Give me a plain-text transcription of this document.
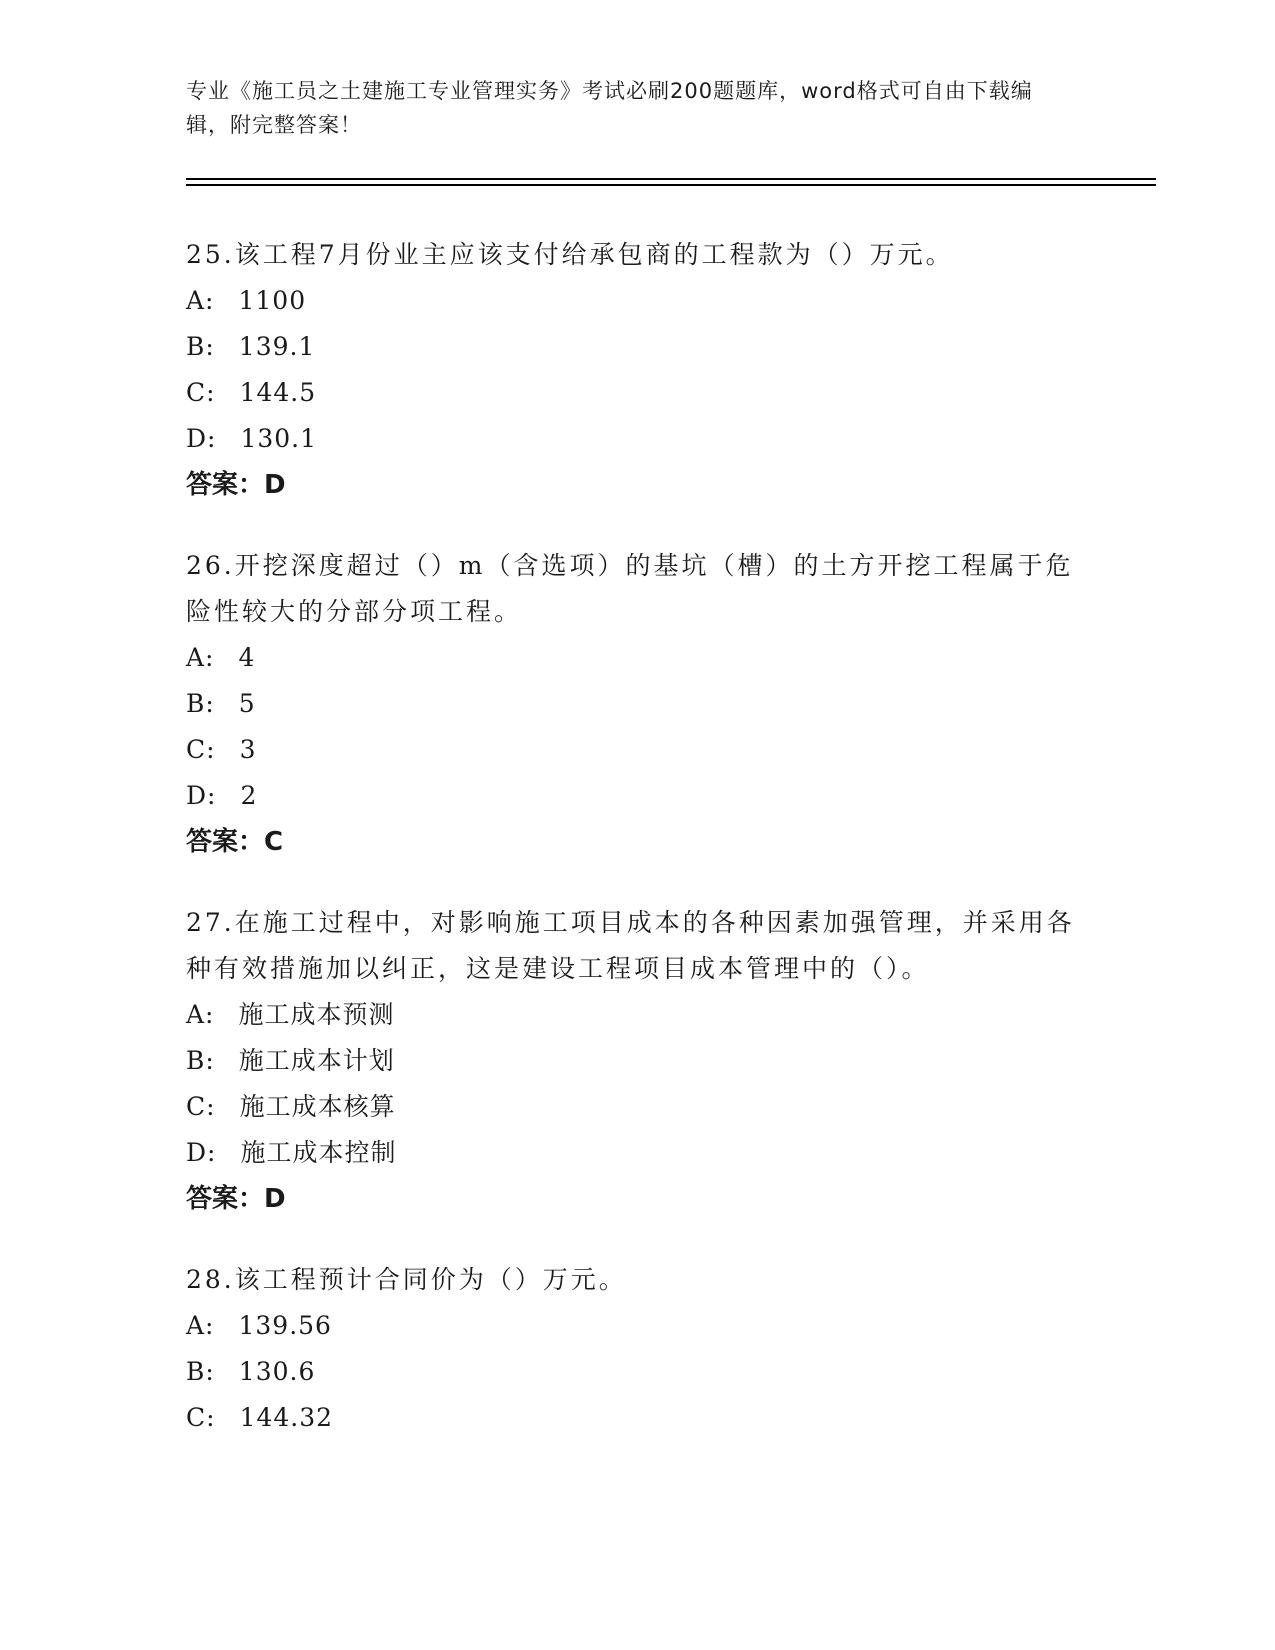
专业《施工员之土建施工专业管理实务》考试必刷200题题库，word格式可自由下载编辑，附完整答案！

25.该工程7月份业主应该支付给承包商的工程款为（）万元。

A: 1100
B: 139.1
C: 144.5
D: 130.1
答案：D

26.开挖深度超过（）m（含选项）的基坑（槽）的土方开挖工程属于危险性较大的分部分项工程。

A: 4
B: 5
C: 3
D: 2
答案：C

27.在施工过程中，对影响施工项目成本的各种因素加强管理，并采用各种有效措施加以纠正，这是建设工程项目成本管理中的（）。

A: 施工成本预测
B: 施工成本计划
C: 施工成本核算
D: 施工成本控制
答案：D

28.该工程预计合同价为（）万元。

A: 139.56
B: 130.6
C: 144.32
